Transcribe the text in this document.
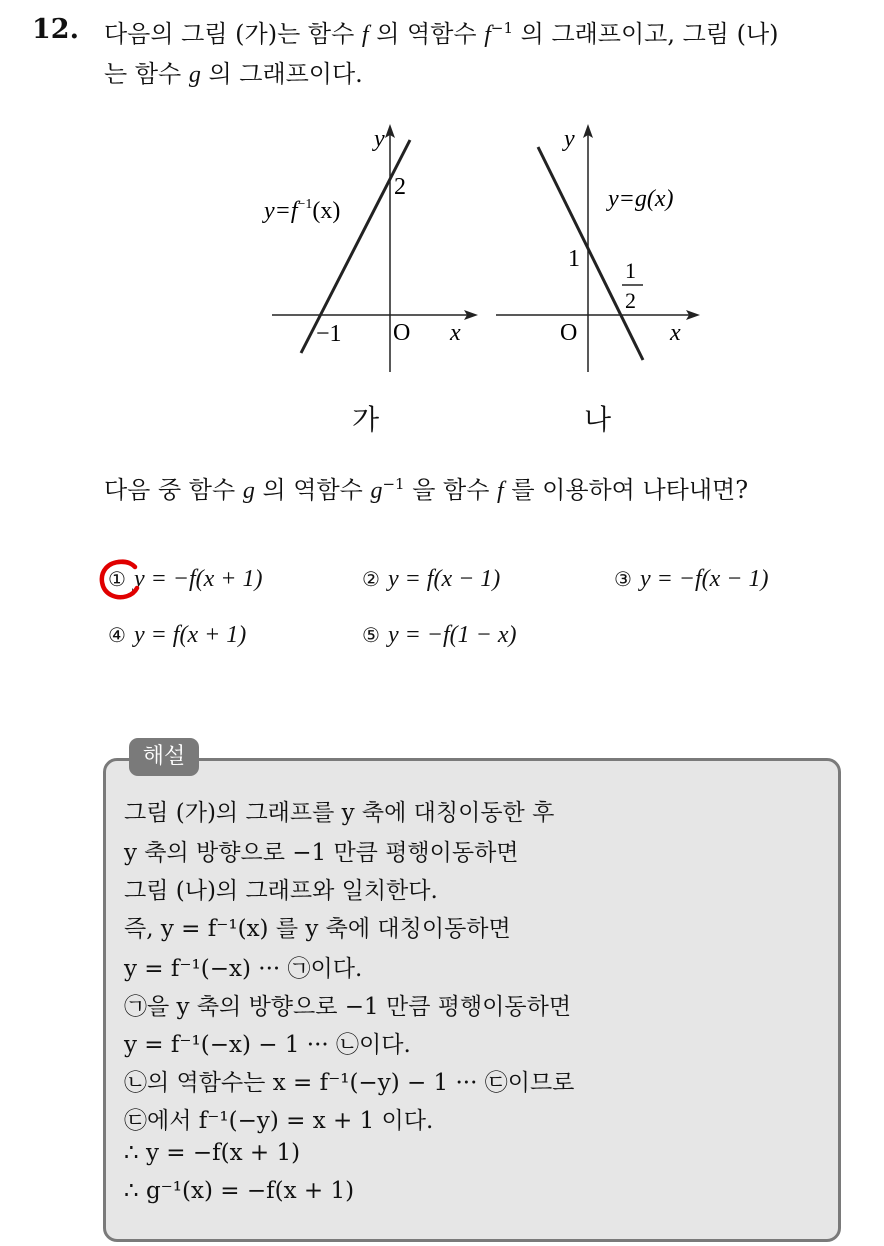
12. 다음의 그림 (가)는 함수 f 의 역함수 $f^{-1}$ 의 그래프이고, 그림 (나)
는 함수 g 의 그래프이다.
y
x
O
−1
2
$y=f^{-1}(x)$
y
x
O
1 1
2
y=g(x)
가	나
다음 중 함수 g 의 역함수 $g^{-1}$ 을 함수 f 를 이용하여 나타내면?
① y = −f(x + 1)	② y = f(x − 1)	③ y = −f(x − 1)
④ y = f(x + 1)	⑤ y = −f(1 − x)
해설
그림 (가)의 그래프를 y 축에 대칭이동한 후
y 축의 방향으로 −1 만큼 평행이동하면
그림 (나)의 그래프와 일치한다.
즉, y = f⁻¹(x) 를 y 축에 대칭이동하면
y = f⁻¹(−x) ··· ㉠이다.
㉠을 y 축의 방향으로 −1 만큼 평행이동하면
y = f⁻¹(−x) − 1 ··· ㉡이다.
㉡의 역함수는 x = f⁻¹(−y) − 1 ··· ㉢이므로
㉢에서 f⁻¹(−y) = x + 1 이다.
∴ y = −f(x + 1)
∴ g⁻¹(x) = −f(x + 1)
